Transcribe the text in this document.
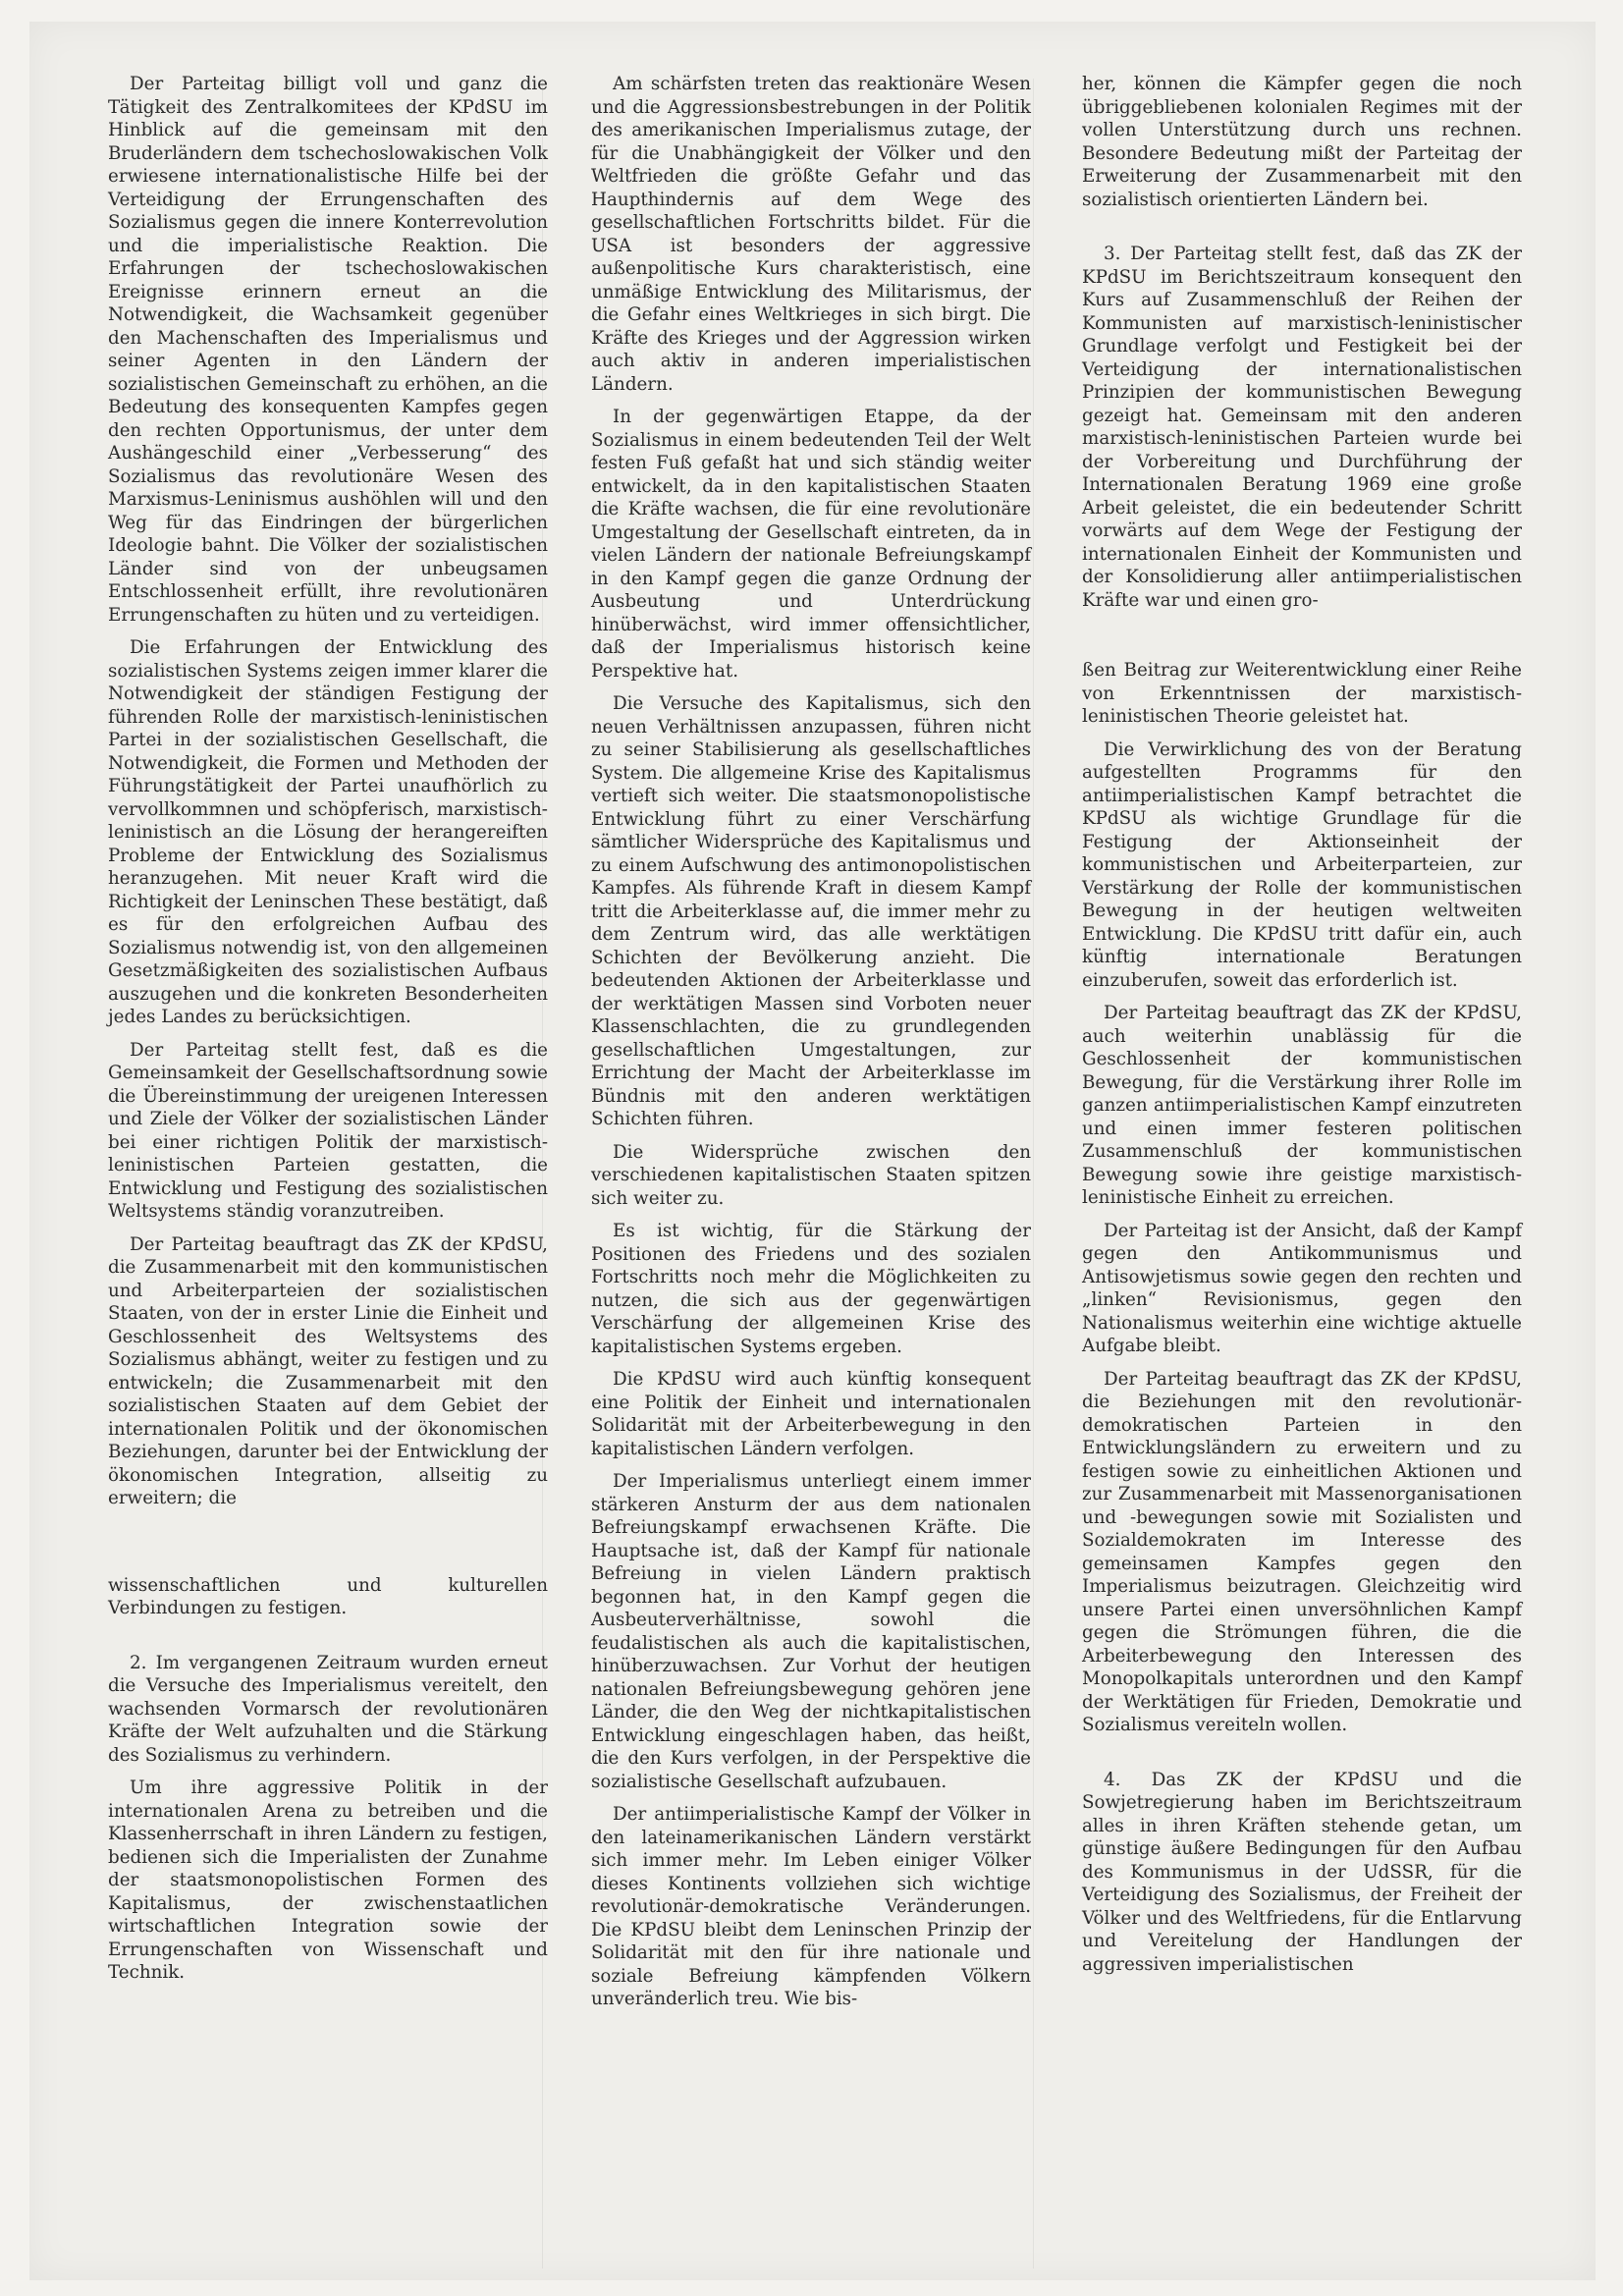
Der Parteitag billigt voll und ganz die Tätigkeit des Zentralkomitees der KPdSU im Hinblick auf die gemeinsam mit den Bruderländern dem tschechoslowakischen Volk erwiesene internationalistische Hilfe bei der Verteidigung der Errungenschaften des Sozialismus gegen die innere Konterrevolution und die imperialistische Reaktion. Die Erfahrungen der tschechoslowakischen Ereignisse erinnern erneut an die Notwendigkeit, die Wachsamkeit gegenüber den Machenschaften des Imperialismus und seiner Agenten in den Ländern der sozialistischen Gemeinschaft zu erhöhen, an die Bedeutung des konsequenten Kampfes gegen den rechten Opportunismus, der unter dem Aushängeschild einer „Verbesserung“ des Sozialismus das revolutionäre Wesen des Marxismus-Leninismus aushöhlen will und den Weg für das Eindringen der bürgerlichen Ideologie bahnt. Die Völker der sozialistischen Länder sind von der unbeugsamen Entschlossenheit erfüllt, ihre revolutionären Errungenschaften zu hüten und zu verteidigen.

Die Erfahrungen der Entwicklung des sozialistischen Systems zeigen immer klarer die Notwendigkeit der ständigen Festigung der führenden Rolle der marxistisch-leninistischen Partei in der sozialistischen Gesellschaft, die Notwendigkeit, die Formen und Methoden der Führungstätigkeit der Partei unaufhörlich zu vervollkommnen und schöpferisch, marxistisch-leninistisch an die Lösung der herangereiften Probleme der Entwicklung des Sozialismus heranzugehen. Mit neuer Kraft wird die Richtigkeit der Leninschen These bestätigt, daß es für den erfolgreichen Aufbau des Sozialismus notwendig ist, von den allgemeinen Gesetzmäßigkeiten des sozialistischen Aufbaus auszugehen und die konkreten Besonderheiten jedes Landes zu berücksichtigen.

Der Parteitag stellt fest, daß es die Gemeinsamkeit der Gesellschaftsordnung sowie die Übereinstimmung der ureigenen Interessen und Ziele der Völker der sozialistischen Länder bei einer richtigen Politik der marxistisch-leninistischen Parteien gestatten, die Entwicklung und Festigung des sozialistischen Weltsystems ständig voranzutreiben.

Der Parteitag beauftragt das ZK der KPdSU, die Zusammenarbeit mit den kommunistischen und Arbeiterparteien der sozialistischen Staaten, von der in erster Linie die Einheit und Geschlossenheit des Weltsystems des Sozialismus abhängt, weiter zu festigen und zu entwickeln; die Zusammenarbeit mit den sozialistischen Staaten auf dem Gebiet der internationalen Politik und der ökonomischen Beziehungen, darunter bei der Entwicklung der ökonomischen Integration, allseitig zu erweitern; die

wissenschaftlichen und kulturellen Verbindungen zu festigen.

2. Im vergangenen Zeitraum wurden erneut die Versuche des Imperialismus vereitelt, den wachsenden Vormarsch der revolutionären Kräfte der Welt aufzuhalten und die Stärkung des Sozialismus zu verhindern.

Um ihre aggressive Politik in der internationalen Arena zu betreiben und die Klassenherrschaft in ihren Ländern zu festigen, bedienen sich die Imperialisten der Zunahme der staatsmonopolistischen Formen des Kapitalismus, der zwischenstaatlichen wirtschaftlichen Integration sowie der Errungenschaften von Wissenschaft und Technik.

Am schärfsten treten das reaktionäre Wesen und die Aggressionsbestrebungen in der Politik des amerikanischen Imperialismus zutage, der für die Unabhängigkeit der Völker und den Weltfrieden die größte Gefahr und das Haupthindernis auf dem Wege des gesellschaftlichen Fortschritts bildet. Für die USA ist besonders der aggressive außenpolitische Kurs charakteristisch, eine unmäßige Entwicklung des Militarismus, der die Gefahr eines Weltkrieges in sich birgt. Die Kräfte des Krieges und der Aggression wirken auch aktiv in anderen imperialistischen Ländern.

In der gegenwärtigen Etappe, da der Sozialismus in einem bedeutenden Teil der Welt festen Fuß gefaßt hat und sich ständig weiter entwickelt, da in den kapitalistischen Staaten die Kräfte wachsen, die für eine revolutionäre Umgestaltung der Gesellschaft eintreten, da in vielen Ländern der nationale Befreiungskampf in den Kampf gegen die ganze Ordnung der Ausbeutung und Unterdrückung hinüberwächst, wird immer offensichtlicher, daß der Imperialismus historisch keine Perspektive hat.

Die Versuche des Kapitalismus, sich den neuen Verhältnissen anzupassen, führen nicht zu seiner Stabilisierung als gesellschaftliches System. Die allgemeine Krise des Kapitalismus vertieft sich weiter. Die staatsmonopolistische Entwicklung führt zu einer Verschärfung sämtlicher Widersprüche des Kapitalismus und zu einem Aufschwung des antimonopolistischen Kampfes. Als führende Kraft in diesem Kampf tritt die Arbeiterklasse auf, die immer mehr zu dem Zentrum wird, das alle werktätigen Schichten der Bevölkerung anzieht. Die bedeutenden Aktionen der Arbeiterklasse und der werktätigen Massen sind Vorboten neuer Klassenschlachten, die zu grundlegenden gesellschaftlichen Umgestaltungen, zur Errichtung der Macht der Arbeiterklasse im Bündnis mit den anderen werktätigen Schichten führen.

Die Widersprüche zwischen den verschiedenen kapitalistischen Staaten spitzen sich weiter zu.

Es ist wichtig, für die Stärkung der Positionen des Friedens und des sozialen Fortschritts noch mehr die Möglichkeiten zu nutzen, die sich aus der gegenwärtigen Verschärfung der allgemeinen Krise des kapitalistischen Systems ergeben.

Die KPdSU wird auch künftig konsequent eine Politik der Einheit und internationalen Solidarität mit der Arbeiterbewegung in den kapitalistischen Ländern verfolgen.

Der Imperialismus unterliegt einem immer stärkeren Ansturm der aus dem nationalen Befreiungskampf erwachsenen Kräfte. Die Hauptsache ist, daß der Kampf für nationale Befreiung in vielen Ländern praktisch begonnen hat, in den Kampf gegen die Ausbeuterverhältnisse, sowohl die feudalistischen als auch die kapitalistischen, hinüberzuwachsen. Zur Vorhut der heutigen nationalen Befreiungsbewegung gehören jene Länder, die den Weg der nichtkapitalistischen Entwicklung eingeschlagen haben, das heißt, die den Kurs verfolgen, in der Perspektive die sozialistische Gesellschaft aufzubauen.

Der antiimperialistische Kampf der Völker in den lateinamerikanischen Ländern verstärkt sich immer mehr. Im Leben einiger Völker dieses Kontinents vollziehen sich wichtige revolutionär-demokratische Veränderungen. Die KPdSU bleibt dem Leninschen Prinzip der Solidarität mit den für ihre nationale und soziale Befreiung kämpfenden Völkern unveränderlich treu. Wie bis-

her, können die Kämpfer gegen die noch übriggebliebenen kolonialen Regimes mit der vollen Unterstützung durch uns rechnen. Besondere Bedeutung mißt der Parteitag der Erweiterung der Zusammenarbeit mit den sozialistisch orientierten Ländern bei.

3. Der Parteitag stellt fest, daß das ZK der KPdSU im Berichtszeitraum konsequent den Kurs auf Zusammenschluß der Reihen der Kommunisten auf marxistisch-leninistischer Grundlage verfolgt und Festigkeit bei der Verteidigung der internationalistischen Prinzipien der kommunistischen Bewegung gezeigt hat. Gemeinsam mit den anderen marxistisch-leninistischen Parteien wurde bei der Vorbereitung und Durchführung der Internationalen Beratung 1969 eine große Arbeit geleistet, die ein bedeutender Schritt vorwärts auf dem Wege der Festigung der internationalen Einheit der Kommunisten und der Konsolidierung aller antiimperialistischen Kräfte war und einen gro-

ßen Beitrag zur Weiterentwicklung einer Reihe von Erkenntnissen der marxistisch-leninistischen Theorie geleistet hat.

Die Verwirklichung des von der Beratung aufgestellten Programms für den antiimperialistischen Kampf betrachtet die KPdSU als wichtige Grundlage für die Festigung der Aktionseinheit der kommunistischen und Arbeiterparteien, zur Verstärkung der Rolle der kommunistischen Bewegung in der heutigen weltweiten Entwicklung. Die KPdSU tritt dafür ein, auch künftig internationale Beratungen einzuberufen, soweit das erforderlich ist.

Der Parteitag beauftragt das ZK der KPdSU, auch weiterhin unablässig für die Geschlossenheit der kommunistischen Bewegung, für die Verstärkung ihrer Rolle im ganzen antiimperialistischen Kampf einzutreten und einen immer festeren politischen Zusammenschluß der kommunistischen Bewegung sowie ihre geistige marxistisch-leninistische Einheit zu erreichen.

Der Parteitag ist der Ansicht, daß der Kampf gegen den Antikommunismus und Antisowjetismus sowie gegen den rechten und „linken“ Revisionismus, gegen den Nationalismus weiterhin eine wichtige aktuelle Aufgabe bleibt.

Der Parteitag beauftragt das ZK der KPdSU, die Beziehungen mit den revolutionär-demokratischen Parteien in den Entwicklungsländern zu erweitern und zu festigen sowie zu einheitlichen Aktionen und zur Zusammenarbeit mit Massenorganisationen und -bewegungen sowie mit Sozialisten und Sozialdemokraten im Interesse des gemeinsamen Kampfes gegen den Imperialismus beizutragen. Gleichzeitig wird unsere Partei einen unversöhnlichen Kampf gegen die Strömungen führen, die die Arbeiterbewegung den Interessen des Monopolkapitals unterordnen und den Kampf der Werktätigen für Frieden, Demokratie und Sozialismus vereiteln wollen.

4. Das ZK der KPdSU und die Sowjetregierung haben im Berichtszeitraum alles in ihren Kräften stehende getan, um günstige äußere Bedingungen für den Aufbau des Kommunismus in der UdSSR, für die Verteidigung des Sozialismus, der Freiheit der Völker und des Weltfriedens, für die Entlarvung und Vereitelung der Handlungen der aggressiven imperialistischen
